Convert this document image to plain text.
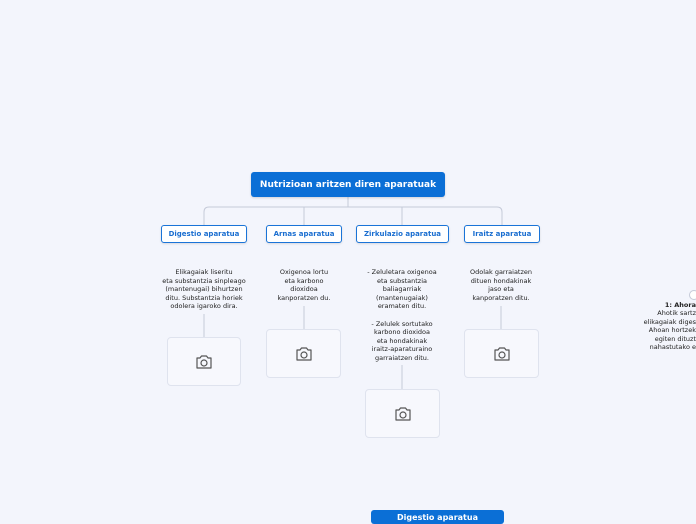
Nutrizioan aritzen diren aparatuak
Digestio aparatua	Arnas aparatua	Zirkulazio aparatua	Iraitz aparatua
Elikagaiak liseritu
eta substantzia sinpleago
(mantenugai) bihurtzen
ditu. Substantzia horiek
odolera igaroko dira.
Oxigenoa lortu
eta karbono
dioxidoa
kanporatzen du.
- Zeluletara oxigenoa
eta substantzia
baliagarriak
(mantenugaiak)
eramaten ditu.

- Zelulek sortutako
karbono dioxidoa
eta hondakinak
iraitz-aparaturaino
garraiatzen ditu.
Odolak garraiatzen
dituen hondakinak
jaso eta
kanporatzen ditu.
1: Ahora
Ahotik sartz
elikagaiak diges
Ahoan hortzek
egiten dituzt
nahastutako e
Digestio aparatua
